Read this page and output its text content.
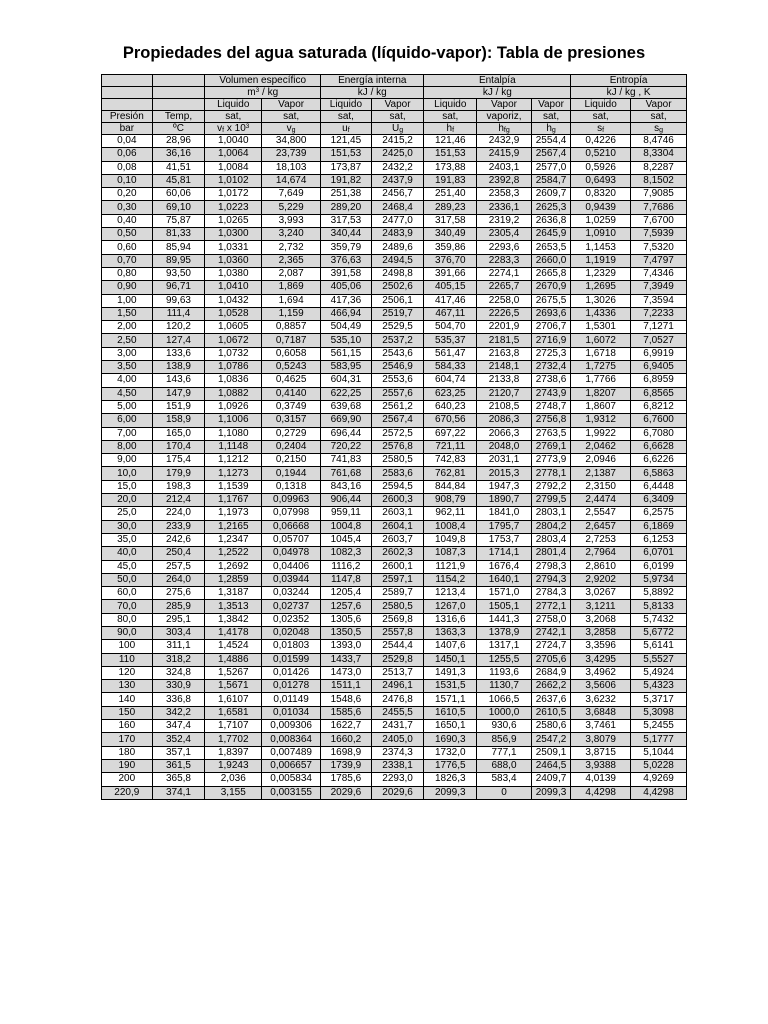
Propiedades del agua saturada (líquido-vapor): Tabla de presiones
		Volumen específico		Energía interna		Entalpía			Entropía	
		$m^3$ / kg		kJ / kg		kJ / kg			kJ / kg , K	
		Liquido	Vapor	Liquido	Vapor	Liquido	Vapor	Vapor	Liquido	Vapor
Presión	Temp,	sat,	sat,	sat,	sat,	sat,	vaporiz,	sat,	sat,	sat,
bar	ºC	$v_f$ x $10^3$	$v_g$	$u_f$	$U_g$	$h_f$	$h_{fg}$	$h_g$	$s_f$	$s_g$
0,04	28,96	1,0040	34,800	121,45	2415,2	121,46	2432,9	2554,4	0,4226	8,4746
0,06	36,16	1,0064	23,739	151,53	2425,0	151,53	2415,9	2567,4	0,5210	8,3304
0,08	41,51	1,0084	18,103	173,87	2432,2	173,88	2403,1	2577,0	0,5926	8,2287
0,10	45,81	1,0102	14,674	191,82	2437,9	191,83	2392,8	2584,7	0,6493	8,1502
0,20	60,06	1,0172	7,649	251,38	2456,7	251,40	2358,3	2609,7	0,8320	7,9085
0,30	69,10	1,0223	5,229	289,20	2468,4	289,23	2336,1	2625,3	0,9439	7,7686
0,40	75,87	1,0265	3,993	317,53	2477,0	317,58	2319,2	2636,8	1,0259	7,6700
0,50	81,33	1,0300	3,240	340,44	2483,9	340,49	2305,4	2645,9	1,0910	7,5939
0,60	85,94	1,0331	2,732	359,79	2489,6	359,86	2293,6	2653,5	1,1453	7,5320
0,70	89,95	1,0360	2,365	376,63	2494,5	376,70	2283,3	2660,0	1,1919	7,4797
0,80	93,50	1,0380	2,087	391,58	2498,8	391,66	2274,1	2665,8	1,2329	7,4346
0,90	96,71	1,0410	1,869	405,06	2502,6	405,15	2265,7	2670,9	1,2695	7,3949
1,00	99,63	1,0432	1,694	417,36	2506,1	417,46	2258,0	2675,5	1,3026	7,3594
1,50	111,4	1,0528	1,159	466,94	2519,7	467,11	2226,5	2693,6	1,4336	7,2233
2,00	120,2	1,0605	0,8857	504,49	2529,5	504,70	2201,9	2706,7	1,5301	7,1271
2,50	127,4	1,0672	0,7187	535,10	2537,2	535,37	2181,5	2716,9	1,6072	7,0527
3,00	133,6	1,0732	0,6058	561,15	2543,6	561,47	2163,8	2725,3	1,6718	6,9919
3,50	138,9	1,0786	0,5243	583,95	2546,9	584,33	2148,1	2732,4	1,7275	6,9405
4,00	143,6	1,0836	0,4625	604,31	2553,6	604,74	2133,8	2738,6	1,7766	6,8959
4,50	147,9	1,0882	0,4140	622,25	2557,6	623,25	2120,7	2743,9	1,8207	6,8565
5,00	151,9	1,0926	0,3749	639,68	2561,2	640,23	2108,5	2748,7	1,8607	6,8212
6,00	158,9	1,1006	0,3157	669,90	2567,4	670,56	2086,3	2756,8	1,9312	6,7600
7,00	165,0	1,1080	0,2729	696,44	2572,5	697,22	2066,3	2763,5	1,9922	6,7080
8,00	170,4	1,1148	0,2404	720,22	2576,8	721,11	2048,0	2769,1	2,0462	6,6628
9,00	175,4	1,1212	0,2150	741,83	2580,5	742,83	2031,1	2773,9	2,0946	6,6226
10,0	179,9	1,1273	0,1944	761,68	2583,6	762,81	2015,3	2778,1	2,1387	6,5863
15,0	198,3	1,1539	0,1318	843,16	2594,5	844,84	1947,3	2792,2	2,3150	6,4448
20,0	212,4	1,1767	0,09963	906,44	2600,3	908,79	1890,7	2799,5	2,4474	6,3409
25,0	224,0	1,1973	0,07998	959,11	2603,1	962,11	1841,0	2803,1	2,5547	6,2575
30,0	233,9	1,2165	0,06668	1004,8	2604,1	1008,4	1795,7	2804,2	2,6457	6,1869
35,0	242,6	1,2347	0,05707	1045,4	2603,7	1049,8	1753,7	2803,4	2,7253	6,1253
40,0	250,4	1,2522	0,04978	1082,3	2602,3	1087,3	1714,1	2801,4	2,7964	6,0701
45,0	257,5	1,2692	0,04406	1116,2	2600,1	1121,9	1676,4	2798,3	2,8610	6,0199
50,0	264,0	1,2859	0,03944	1147,8	2597,1	1154,2	1640,1	2794,3	2,9202	5,9734
60,0	275,6	1,3187	0,03244	1205,4	2589,7	1213,4	1571,0	2784,3	3,0267	5,8892
70,0	285,9	1,3513	0,02737	1257,6	2580,5	1267,0	1505,1	2772,1	3,1211	5,8133
80,0	295,1	1,3842	0,02352	1305,6	2569,8	1316,6	1441,3	2758,0	3,2068	5,7432
90,0	303,4	1,4178	0,02048	1350,5	2557,8	1363,3	1378,9	2742,1	3,2858	5,6772
100	311,1	1,4524	0,01803	1393,0	2544,4	1407,6	1317,1	2724,7	3,3596	5,6141
110	318,2	1,4886	0,01599	1433,7	2529,8	1450,1	1255,5	2705,6	3,4295	5,5527
120	324,8	1,5267	0,01426	1473,0	2513,7	1491,3	1193,6	2684,9	3,4962	5,4924
130	330,9	1,5671	0,01278	1511,1	2496,1	1531,5	1130,7	2662,2	3,5606	5,4323
140	336,8	1,6107	0,01149	1548,6	2476,8	1571,1	1066,5	2637,6	3,6232	5,3717
150	342,2	1,6581	0,01034	1585,6	2455,5	1610,5	1000,0	2610,5	3,6848	5,3098
160	347,4	1,7107	0,009306	1622,7	2431,7	1650,1	930,6	2580,6	3,7461	5,2455
170	352,4	1,7702	0,008364	1660,2	2405,0	1690,3	856,9	2547,2	3,8079	5,1777
180	357,1	1,8397	0,007489	1698,9	2374,3	1732,0	777,1	2509,1	3,8715	5,1044
190	361,5	1,9243	0,006657	1739,9	2338,1	1776,5	688,0	2464,5	3,9388	5,0228
200	365,8	2,036	0,005834	1785,6	2293,0	1826,3	583,4	2409,7	4,0139	4,9269
220,9	374,1	3,155	0,003155	2029,6	2029,6	2099,3	0	2099,3	4,4298	4,4298
